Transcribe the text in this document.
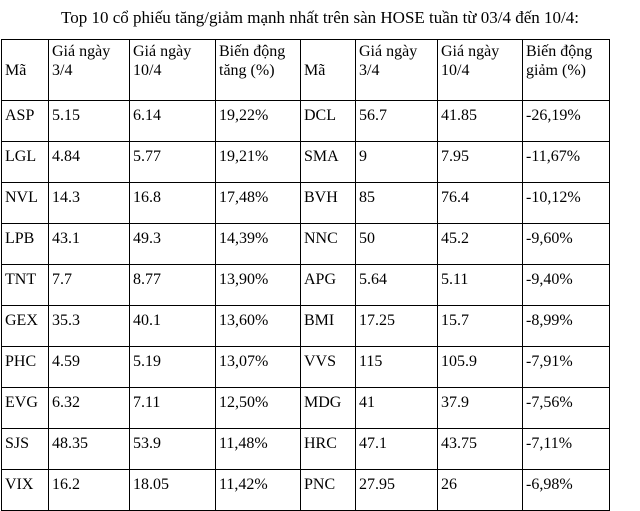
Top 10 cổ phiếu tăng/giảm mạnh nhất trên sàn HOSE tuần từ 03/4 đến 10/4:
Mã	Giá ngày 3/4	Giá ngày 10/4	Biến động tăng (%)	Mã	Giá ngày 3/4	Giá ngày 10/4	Biến động giảm (%)
ASP	5.15	6.14	19,22%	DCL	56.7	41.85	-26,19%
LGL	4.84	5.77	19,21%	SMA	9	7.95	-11,67%
NVL	14.3	16.8	17,48%	BVH	85	76.4	-10,12%
LPB	43.1	49.3	14,39%	NNC	50	45.2	-9,60%
TNT	7.7	8.77	13,90%	APG	5.64	5.11	-9,40%
GEX	35.3	40.1	13,60%	BMI	17.25	15.7	-8,99%
PHC	4.59	5.19	13,07%	VVS	115	105.9	-7,91%
EVG	6.32	7.11	12,50%	MDG	41	37.9	-7,56%
SJS	48.35	53.9	11,48%	HRC	47.1	43.75	-7,11%
VIX	16.2	18.05	11,42%	PNC	27.95	26	-6,98%
